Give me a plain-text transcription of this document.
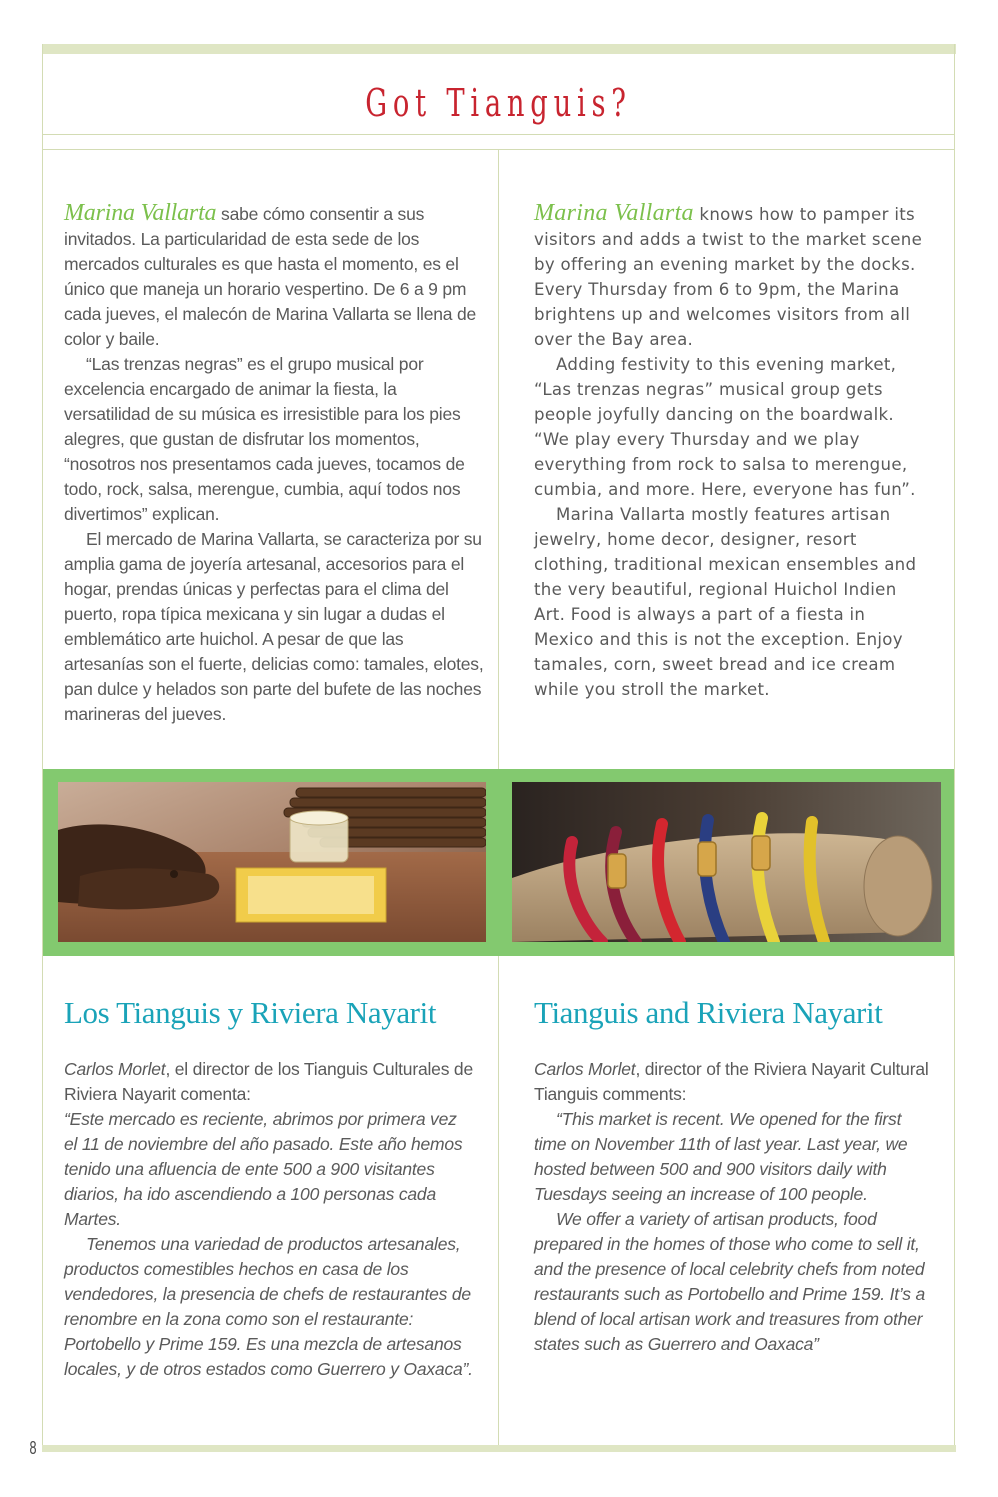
Got Tianguis?

Marina Vallarta sabe cómo consentir a sus invitados. La particularidad de esta sede de los mercados culturales es que hasta el momento, es el único que maneja un horario vespertino. De 6 a 9 pm cada jueves, el malecón de Marina Vallarta se llena de color y baile.

“Las trenzas negras” es el grupo musical por excelencia encargado de animar la fiesta, la versatilidad de su música es irresistible para los pies alegres, que gustan de disfrutar los momentos, “nosotros nos presentamos cada jueves, tocamos de todo, rock, salsa, merengue, cumbia, aquí todos nos divertimos” explican.

El mercado de Marina Vallarta, se caracteriza por su amplia gama de joyería artesanal, accesorios para el hogar, prendas únicas y perfectas para el clima del puerto, ropa típica mexicana y sin lugar a dudas el emblemático arte huichol. A pesar de que las artesanías son el fuerte, delicias como: tamales, elotes, pan dulce y helados son parte del bufete de las noches marineras del jueves.

Marina Vallarta knows how to pamper its visitors and adds a twist to the market scene by offering an evening market by the docks. Every Thursday from 6 to 9pm, the Marina brightens up and welcomes visitors from all over the Bay area.

Adding festivity to this evening market, “Las trenzas negras” musical group gets people joyfully dancing on the boardwalk. “We play every Thursday and we play everything from rock to salsa to merengue, cumbia, and more. Here, everyone has fun”.

Marina Vallarta mostly features artisan jewelry, home decor, designer, resort clothing, traditional mexican ensembles and the very beautiful, regional Huichol Indien Art. Food is always a part of a fiesta in Mexico and this is not the exception. Enjoy tamales, corn, sweet bread and ice cream while you stroll the market.

Los Tianguis y Riviera Nayarit	Tianguis and Riviera Nayarit

Carlos Morlet, el director de los Tianguis Culturales de Riviera Nayarit comenta:

“Este mercado es reciente, abrimos por primera vez el 11 de noviembre del año pasado. Este año hemos tenido una afluencia de ente 500 a 900 visitantes diarios, ha ido ascendiendo a 100 personas cada Martes.

Tenemos una variedad de productos artesanales, productos comestibles hechos en casa de los vendedores, la presencia de chefs de restaurantes de renombre en la zona como son el restaurante: Portobello y Prime 159. Es una mezcla de artesanos locales, y de otros estados como Guerrero y Oaxaca”.

Carlos Morlet, director of the Riviera Nayarit Cultural Tianguis comments:

“This market is recent. We opened for the first time on November 11th of last year. Last year, we hosted between 500 and 900 visitors daily with Tuesdays seeing an increase of 100 people.

We offer a variety of artisan products, food prepared in the homes of those who come to sell it, and the presence of local celebrity chefs from noted restaurants such as Portobello and Prime 159. It’s a blend of local artisan work and treasures from other states such as Guerrero and Oaxaca”

8
